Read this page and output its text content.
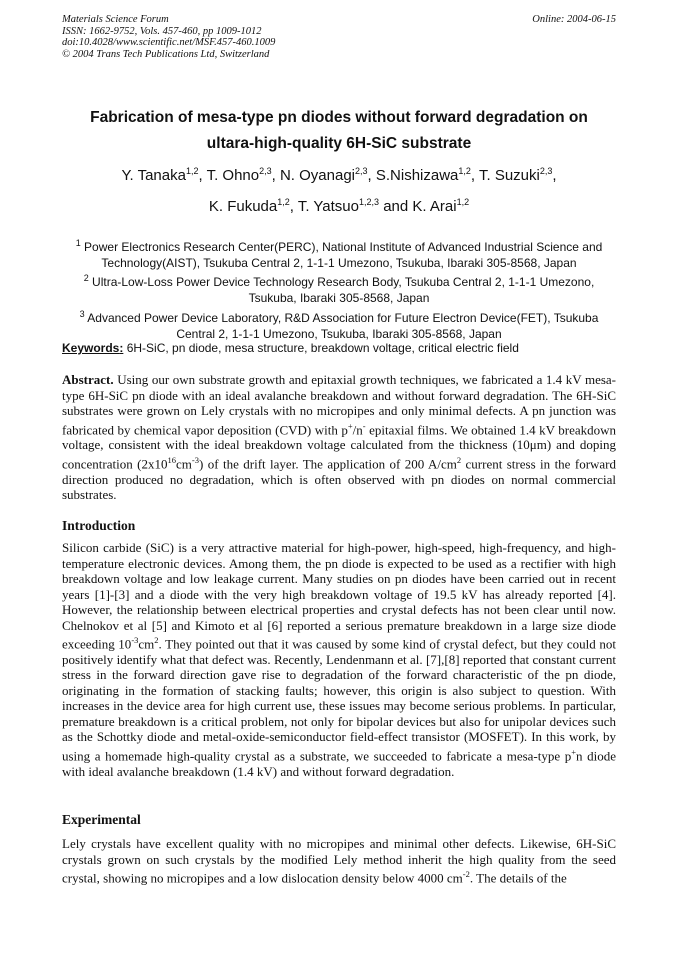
Materials Science Forum
ISSN: 1662-9752, Vols. 457-460, pp 1009-1012
doi:10.4028/www.scientific.net/MSF.457-460.1009
© 2004 Trans Tech Publications Ltd, Switzerland
Online: 2004-06-15
Fabrication of mesa-type pn diodes without forward degradation on
ultara-high-quality 6H-SiC substrate
Y. Tanaka$^{1,2}$, T. Ohno$^{2,3}$, N. Oyanagi$^{2,3}$, S.Nishizawa$^{1,2}$, T. Suzuki$^{2,3}$,
K. Fukuda$^{1,2}$, T. Yatsuo$^{1,2,3}$ and K. Arai$^{1,2}$
$^1$ Power Electronics Research Center(PERC), National Institute of Advanced Industrial Science and Technology(AIST), Tsukuba Central 2, 1-1-1 Umezono, Tsukuba, Ibaraki 305-8568, Japan
$^2$ Ultra-Low-Loss Power Device Technology Research Body, Tsukuba Central 2, 1-1-1 Umezono, Tsukuba, Ibaraki 305-8568, Japan
$^3$ Advanced Power Device Laboratory, R&D Association for Future Electron Device(FET), Tsukuba Central 2, 1-1-1 Umezono, Tsukuba, Ibaraki 305-8568, Japan
Keywords: 6H-SiC, pn diode, mesa structure, breakdown voltage, critical electric field
Abstract. Using our own substrate growth and epitaxial growth techniques, we fabricated a 1.4 kV mesa-type 6H-SiC pn diode with an ideal avalanche breakdown and without forward degradation. The 6H-SiC substrates were grown on Lely crystals with no micropipes and only minimal defects. A pn junction was fabricated by chemical vapor deposition (CVD) with p+/n- epitaxial films. We obtained 1.4 kV breakdown voltage, consistent with the ideal breakdown voltage calculated from the thickness (10μm) and doping concentration $(2x10^{16}cm^{-3})$ of the drift layer. The application of 200 $A/cm^2$ current stress in the forward direction produced no degradation, which is often observed with pn diodes on normal commercial substrates.
Introduction
Silicon carbide (SiC) is a very attractive material for high-power, high-speed, high-frequency, and high-temperature electronic devices. Among them, the pn diode is expected to be used as a rectifier with high breakdown voltage and low leakage current. Many studies on pn diodes have been carried out in recent years [1]-[3] and a diode with the very high breakdown voltage of 19.5 kV has already reported [4]. However, the relationship between electrical properties and crystal defects has not been clear until now. Chelnokov et al [5] and Kimoto et al [6] reported a serious premature breakdown in a large size diode exceeding $10^{-3}cm^2$. They pointed out that it was caused by some kind of crystal defect, but they could not positively identify what that defect was. Recently, Lendenmann et al. [7],[8] reported that constant current stress in the forward direction gave rise to degradation of the forward characteristic of the pn diode, originating in the formation of stacking faults; however, this origin is also subject to question. With increases in the device area for high current use, these issues may become serious problems. In particular, premature breakdown is a critical problem, not only for bipolar devices but also for unipolar devices such as the Schottky diode and metal-oxide-semiconductor field-effect transistor (MOSFET). In this work, by using a homemade high-quality crystal as a substrate, we succeeded to fabricate a mesa-type p+n diode with ideal avalanche breakdown (1.4 kV) and without forward degradation.
Experimental
Lely crystals have excellent quality with no micropipes and minimal other defects. Likewise, 6H-SiC crystals grown on such crystals by the modified Lely method inherit the high quality from the seed crystal, showing no micropipes and a low dislocation density below 4000 $cm^{-2}$. The details of the
